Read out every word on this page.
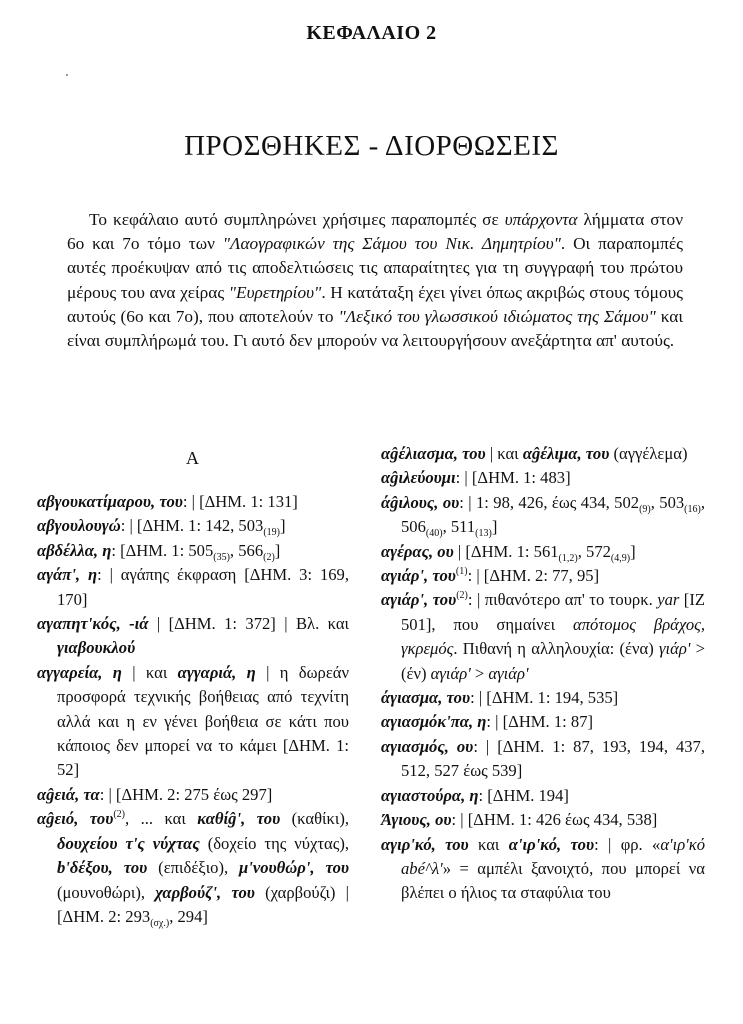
ΚΕΦΑΛΑΙΟ 2
ΠΡΟΣΘΗΚΕΣ - ΔΙΟΡΘΩΣΕΙΣ

Το κεφάλαιο αυτό συμπληρώνει χρήσιμες παραπομπές σε υπάρχοντα λήμματα στον 6ο και 7ο τόμο των "Λαογραφικών της Σάμου του Νικ. Δημητρίου". Οι παραπομπές αυτές προέκυψαν από τις αποδελτιώσεις τις απαραίτητες για τη συγγραφή του πρώτου μέρους του ανα χείρας "Ευρετηρίου". Η κατάταξη έχει γίνει όπως ακριβώς στους τόμους αυτούς (6ο και 7ο), που αποτελούν το "Λεξικό του γλωσσικού ιδιώματος της Σάμου" και είναι συμπλήρωμά του. Γι αυτό δεν μπορούν να λειτουργήσουν ανεξάρτητα απ' αυτούς.

Α
αβγουκατίμαρου, του: | [ΔΗΜ. 1: 131]
αβγουλουγώ: | [ΔΗΜ. 1: 142, $503_{(19)}$]
αβδέλλα, η: [ΔΗΜ. 1: $505_{(35)}$, $566_{(2)}$]
αγάπ', η: | αγάπης έκφραση [ΔΗΜ. 3: 169, 170]
αγαπητ'κός, -ιά | [ΔΗΜ. 1: 372] | Βλ. και γιαβουκλού
αγγαρεία, η | και αγγαριά, η | η δωρεάν προσφορά τεχνικής βοήθειας από τεχνίτη αλλά και η εν γένει βοήθεια σε κάτι που κάποιος δεν μπορεί να το κάμει [ΔΗΜ. 1: 52]
αĝειά, τα: | [ΔΗΜ. 2: 275 έως 297]
αĝειό, του$^{(2)}$, ... και καθίĝ', του (καθίκι), δουχείου τ'ς νύχτας (δοχείο της νύχτας), b'δέξου, του (επιδέξιο), μ'νουθώρ', του (μουνοθώρι), χαρβούζ', του (χαρβούζι) | [ΔΗΜ. 2: $293_{(\sigma\chi.)}$, 294]
αĝέλιασμα, του | και αĝέλιμα, του (αγγέλεμα)
αĝιλεύουμι: | [ΔΗΜ. 1: 483]
άĝιλους, ου: | 1: 98, 426, έως 434, $502_{(9)}$, $503_{(16)}$, $506_{(40)}$, $511_{(13)}$]
αγέρας, ου | [ΔΗΜ. 1: $561_{(1,2)}$, $572_{(4,9)}$]
αγιάρ', του$^{(1)}$: | [ΔΗΜ. 2: 77, 95]
αγιάρ', του$^{(2)}$: | πιθανότερο απ' το τουρκ. yar [ΙΖ 501], που σημαίνει απότομος βράχος, γκρεμός. Πιθανή η αλληλουχία: (ένα) γιάρ' > (έν) αγιάρ' > αγιάρ'
άγιασμα, του: | [ΔΗΜ. 1: 194, 535]
αγιασμόκ'πα, η: | [ΔΗΜ. 1: 87]
αγιασμός, ου: | [ΔΗΜ. 1: 87, 193, 194, 437, 512, 527 έως 539]
αγιαστούρα, η: [ΔΗΜ. 194]
Άγιους, ου: | [ΔΗΜ. 1: 426 έως 434, 538]
αγιρ'κό, του και α'ιρ'κό, του: | φρ. «α'ιρ'κό abé^λ'» = αμπέλι ξανοιχτό, που μπορεί να βλέπει ο ήλιος τα σταφύλια του
